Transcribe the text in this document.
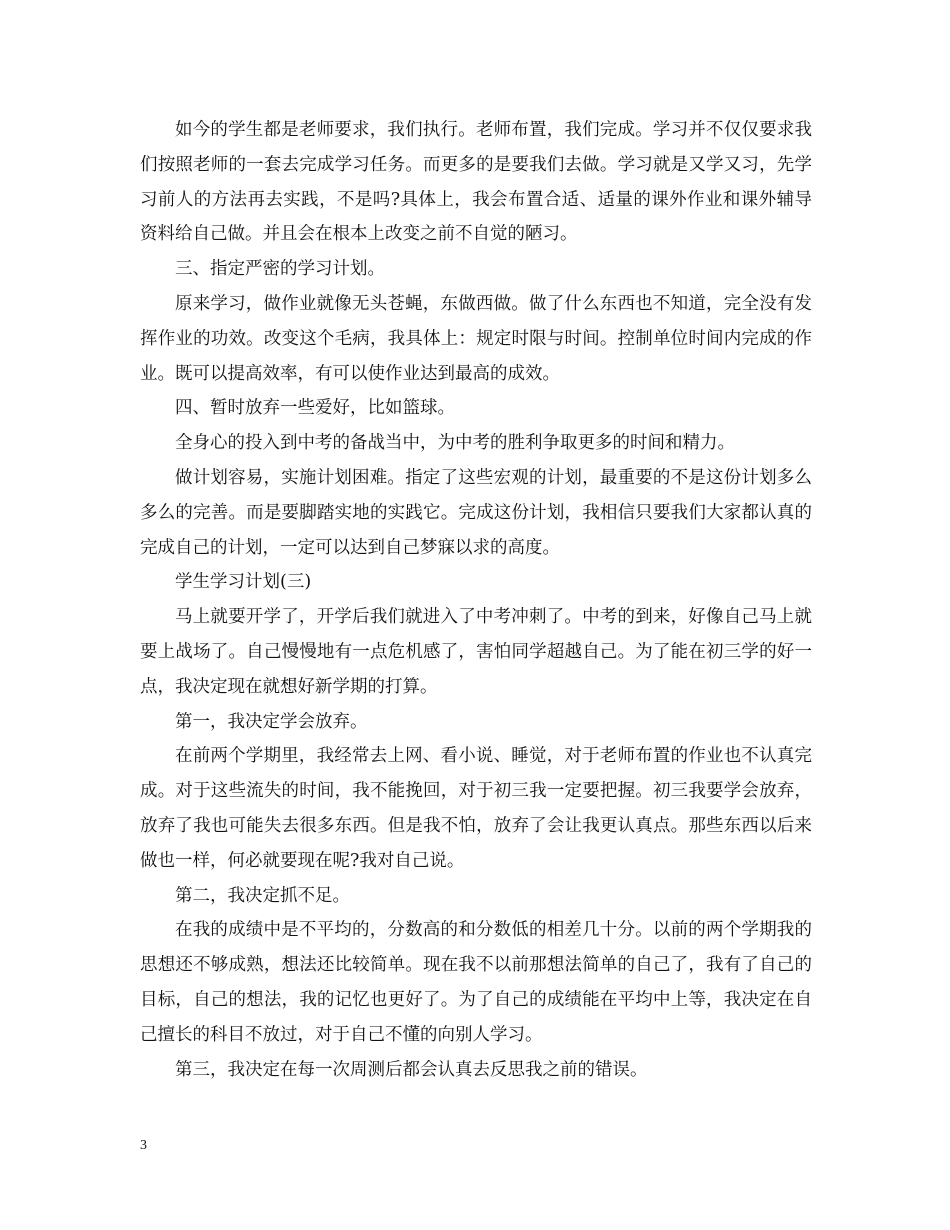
如今的学生都是老师要求，我们执行。老师布置，我们完成。学习并不仅仅要求我们按照老师的一套去完成学习任务。而更多的是要我们去做。学习就是又学又习，先学习前人的方法再去实践，不是吗?具体上，我会布置合适、适量的课外作业和课外辅导资料给自己做。并且会在根本上改变之前不自觉的陋习。

三、指定严密的学习计划。

原来学习，做作业就像无头苍蝇，东做西做。做了什么东西也不知道，完全没有发挥作业的功效。改变这个毛病，我具体上：规定时限与时间。控制单位时间内完成的作业。既可以提高效率，有可以使作业达到最高的成效。

四、暂时放弃一些爱好，比如篮球。

全身心的投入到中考的备战当中，为中考的胜利争取更多的时间和精力。

做计划容易，实施计划困难。指定了这些宏观的计划，最重要的不是这份计划多么多么的完善。而是要脚踏实地的实践它。完成这份计划，我相信只要我们大家都认真的完成自己的计划，一定可以达到自己梦寐以求的高度。

学生学习计划(三)

马上就要开学了，开学后我们就进入了中考冲刺了。中考的到来，好像自己马上就要上战场了。自己慢慢地有一点危机感了，害怕同学超越自己。为了能在初三学的好一点，我决定现在就想好新学期的打算。

第一，我决定学会放弃。

在前两个学期里，我经常去上网、看小说、睡觉，对于老师布置的作业也不认真完成。对于这些流失的时间，我不能挽回，对于初三我一定要把握。初三我要学会放弃，放弃了我也可能失去很多东西。但是我不怕，放弃了会让我更认真点。那些东西以后来做也一样，何必就要现在呢?我对自己说。

第二，我决定抓不足。

在我的成绩中是不平均的，分数高的和分数低的相差几十分。以前的两个学期我的思想还不够成熟，想法还比较简单。现在我不以前那想法简单的自己了，我有了自己的目标，自己的想法，我的记忆也更好了。为了自己的成绩能在平均中上等，我决定在自己擅长的科目不放过，对于自己不懂的向别人学习。

第三，我决定在每一次周测后都会认真去反思我之前的错误。

3
